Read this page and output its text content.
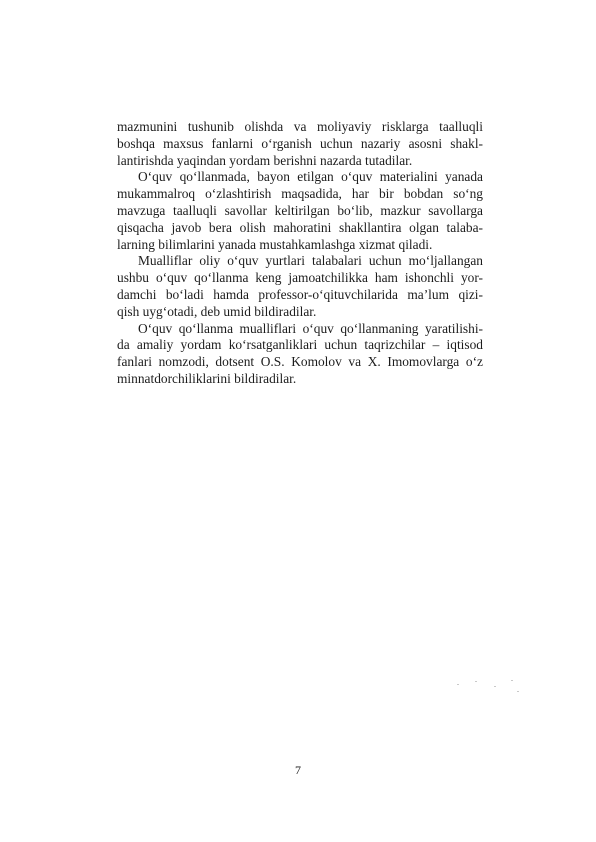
mazmunini tushunib olishda va moliyaviy risklarga taalluqli
boshqa maxsus fanlarni o‘rganish uchun nazariy asosni shakl-
lantirishda yaqindan yordam berishni nazarda tutadilar.
O‘quv qo‘llanmada, bayon etilgan o‘quv materialini yanada
mukammalroq o‘zlashtirish maqsadida, har bir bobdan so‘ng
mavzuga taalluqli savollar keltirilgan bo‘lib, mazkur savollarga
qisqacha javob bera olish mahoratini shakllantira olgan talaba-
larning bilimlarini yanada mustahkamlashga xizmat qiladi.
Mualliflar oliy o‘quv yurtlari talabalari uchun mo‘ljallangan
ushbu o‘quv qo‘llanma keng jamoatchilikka ham ishonchli yor-
damchi bo‘ladi hamda professor-o‘qituvchilarida ma’lum qizi-
qish uyg‘otadi, deb umid bildiradilar.
O‘quv qo‘llanma mualliflari o‘quv qo‘llanmaning yaratilishi-
da amaliy yordam ko‘rsatganliklari uchun taqrizchilar – iqtisod
fanlari nomzodi, dotsent O.S. Komolov va X. Imomovlarga o‘z
minnatdorchiliklarini bildiradilar.
7
